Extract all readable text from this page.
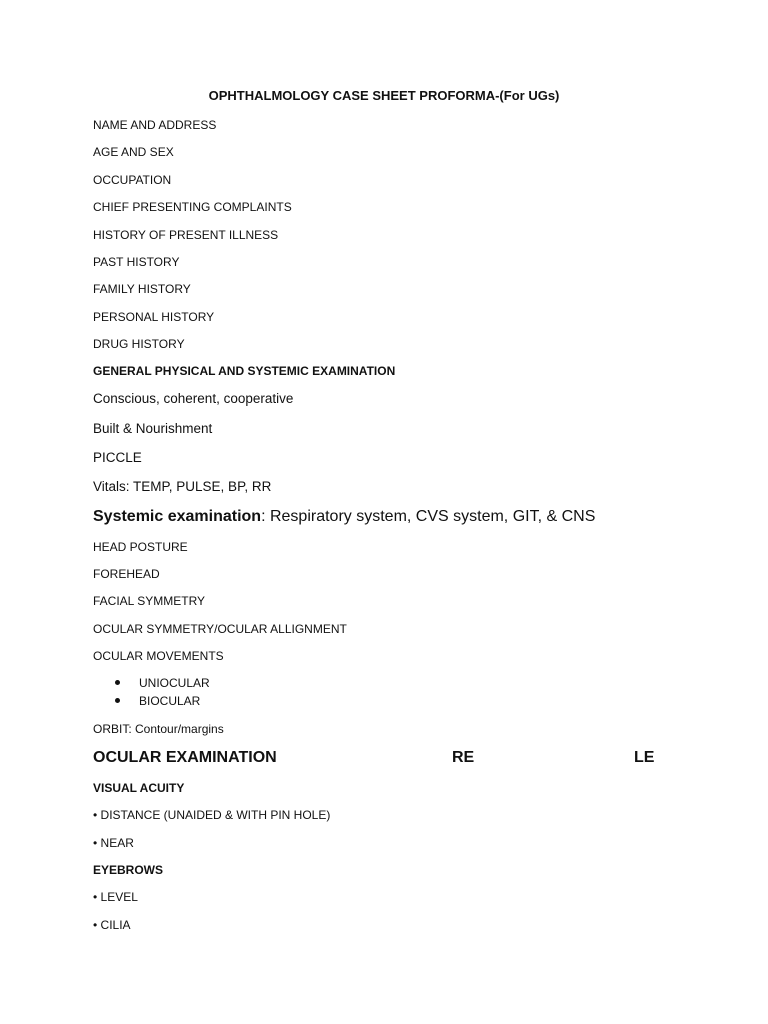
OPHTHALMOLOGY CASE SHEET PROFORMA-(For UGs)
NAME AND ADDRESS
AGE AND SEX
OCCUPATION
CHIEF PRESENTING COMPLAINTS
HISTORY OF PRESENT ILLNESS
PAST HISTORY
FAMILY HISTORY
PERSONAL HISTORY
DRUG HISTORY
GENERAL PHYSICAL AND SYSTEMIC EXAMINATION
Conscious, coherent, cooperative
Built & Nourishment
PICCLE
Vitals: TEMP, PULSE, BP, RR
Systemic examination: Respiratory system, CVS system, GIT, & CNS
HEAD POSTURE
FOREHEAD
FACIAL SYMMETRY
OCULAR SYMMETRY/OCULAR ALLIGNMENT
OCULAR MOVEMENTS
UNIOCULAR
BIOCULAR
ORBIT: Contour/margins
OCULAR EXAMINATION	RE	LE
VISUAL ACUITY
• DISTANCE (UNAIDED & WITH PIN HOLE)
• NEAR
EYEBROWS
• LEVEL
• CILIA
